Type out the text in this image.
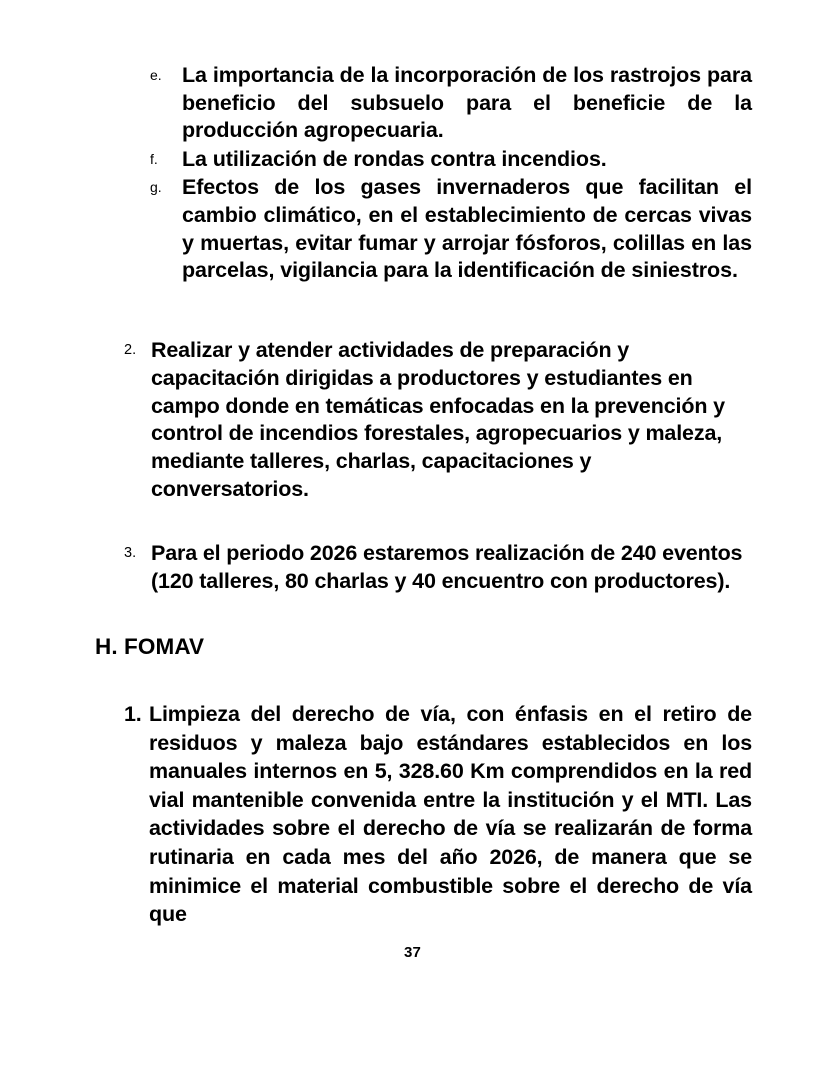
e. La importancia de la incorporación de los rastrojos para beneficio del subsuelo para el beneficie de la producción agropecuaria.
f. La utilización de rondas contra incendios.
g. Efectos de los gases invernaderos que facilitan el cambio climático, en el establecimiento de cercas vivas y muertas, evitar fumar y arrojar fósforos, colillas en las parcelas, vigilancia para la identificación de siniestros.
2. Realizar y atender actividades de preparación y capacitación dirigidas a productores y estudiantes en campo donde en temáticas enfocadas en la prevención y control de incendios forestales, agropecuarios y maleza, mediante talleres, charlas, capacitaciones y conversatorios.
3. Para el periodo 2026 estaremos realización de 240 eventos (120 talleres, 80 charlas y 40 encuentro con productores).
H. FOMAV
1. Limpieza del derecho de vía, con énfasis en el retiro de residuos y maleza bajo estándares establecidos en los manuales internos en 5, 328.60 Km comprendidos en la red vial mantenible convenida entre la institución y el MTI. Las actividades sobre el derecho de vía se realizarán de forma rutinaria en cada mes del año 2026, de manera que se minimice el material combustible sobre el derecho de vía que
37
